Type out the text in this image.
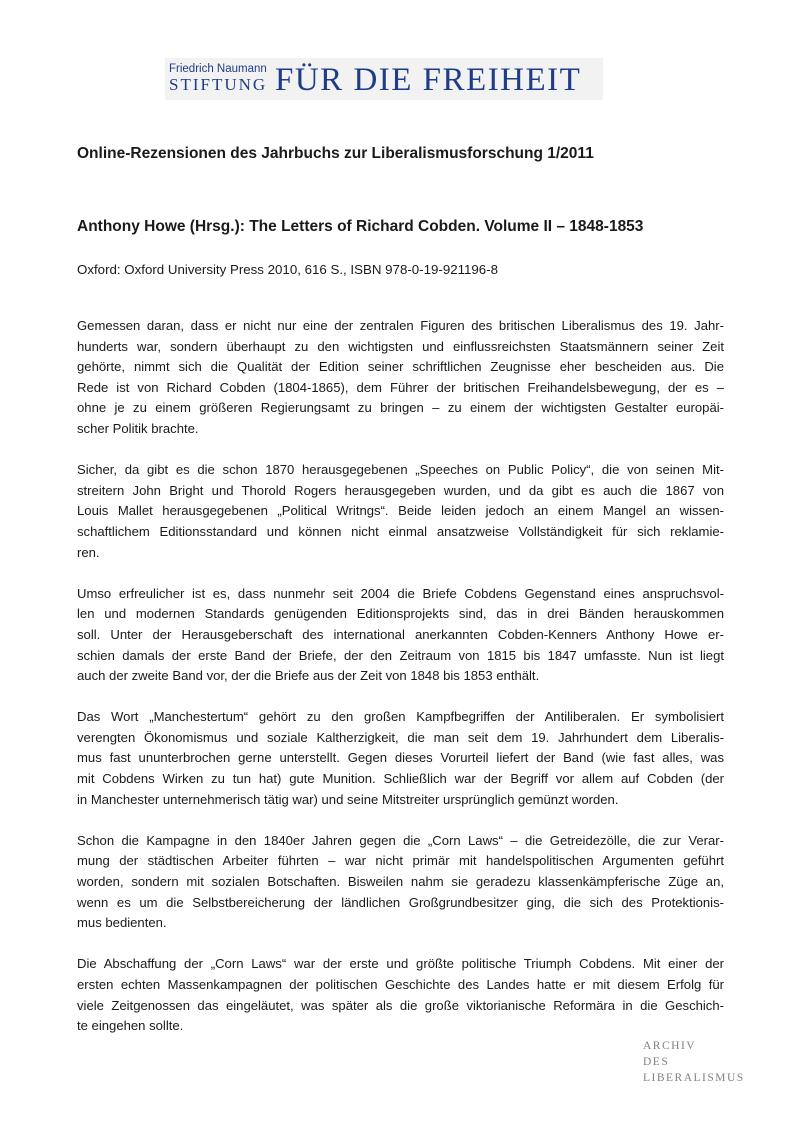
Friedrich Naumann
STIFTUNG FÜR DIE FREIHEIT
Online-Rezensionen des Jahrbuchs zur Liberalismusforschung 1/2011
Anthony Howe (Hrsg.): The Letters of Richard Cobden. Volume II – 1848-1853
Oxford: Oxford University Press 2010, 616 S., ISBN 978-0-19-921196-8
Gemessen daran, dass er nicht nur eine der zentralen Figuren des britischen Liberalismus des 19. Jahr-
hunderts war, sondern überhaupt zu den wichtigsten und einflussreichsten Staatsmännern seiner Zeit
gehörte, nimmt sich die Qualität der Edition seiner schriftlichen Zeugnisse eher bescheiden aus. Die
Rede ist von Richard Cobden (1804-1865), dem Führer der britischen Freihandelsbewegung, der es –
ohne je zu einem größeren Regierungsamt zu bringen – zu einem der wichtigsten Gestalter europäi-
scher Politik brachte.
Sicher, da gibt es die schon 1870 herausgegebenen „Speeches on Public Policy“, die von seinen Mit-
streitern John Bright und Thorold Rogers herausgegeben wurden, und da gibt es auch die 1867 von
Louis Mallet herausgegebenen „Political Writngs“. Beide leiden jedoch an einem Mangel an wissen-
schaftlichem Editionsstandard und können nicht einmal ansatzweise Vollständigkeit für sich reklamie-
ren.
Umso erfreulicher ist es, dass nunmehr seit 2004 die Briefe Cobdens Gegenstand eines anspruchsvol-
len und modernen Standards genügenden Editionsprojekts sind, das in drei Bänden herauskommen
soll. Unter der Herausgeberschaft des international anerkannten Cobden-Kenners Anthony Howe er-
schien damals der erste Band der Briefe, der den Zeitraum von 1815 bis 1847 umfasste. Nun ist liegt
auch der zweite Band vor, der die Briefe aus der Zeit von 1848 bis 1853 enthält.
Das Wort „Manchestertum“ gehört zu den großen Kampfbegriffen der Antiliberalen. Er symbolisiert
verengten Ökonomismus und soziale Kaltherzigkeit, die man seit dem 19. Jahrhundert dem Liberalis-
mus fast ununterbrochen gerne unterstellt. Gegen dieses Vorurteil liefert der Band (wie fast alles, was
mit Cobdens Wirken zu tun hat) gute Munition. Schließlich war der Begriff vor allem auf Cobden (der
in Manchester unternehmerisch tätig war) und seine Mitstreiter ursprünglich gemünzt worden.
Schon die Kampagne in den 1840er Jahren gegen die „Corn Laws“ – die Getreidezölle, die zur Verar-
mung der städtischen Arbeiter führten – war nicht primär mit handelspolitischen Argumenten geführt
worden, sondern mit sozialen Botschaften. Bisweilen nahm sie geradezu klassenkämpferische Züge an,
wenn es um die Selbstbereicherung der ländlichen Großgrundbesitzer ging, die sich des Protektionis-
mus bedienten.
Die Abschaffung der „Corn Laws“ war der erste und größte politische Triumph Cobdens. Mit einer der
ersten echten Massenkampagnen der politischen Geschichte des Landes hatte er mit diesem Erfolg für
viele Zeitgenossen das eingeläutet, was später als die große viktorianische Reformära in die Geschich-
te eingehen sollte.
ARCHIV
DES
LIBERALISMUS
